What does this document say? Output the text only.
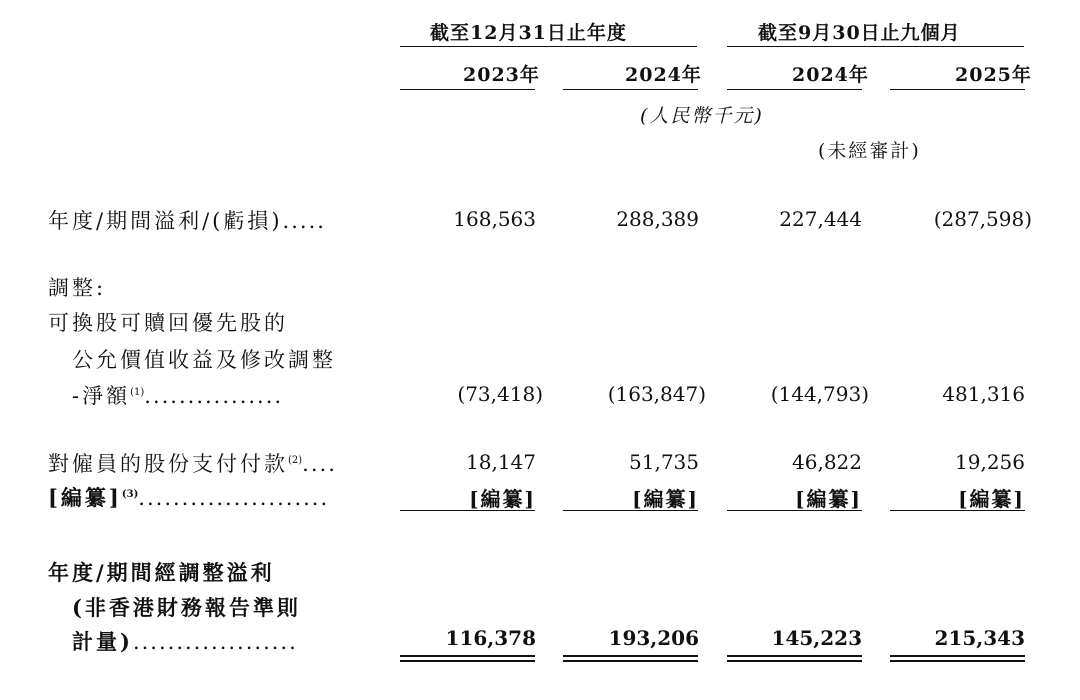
截至12月31日止年度	截至9月30日止九個月
2023年	2024年	2024年	2025年
(人民幣千元)
(未經審計)
年度/期間溢利/(虧損).....	168,563	288,389	227,444	(287,598)
調整:
可換股可贖回優先股的
公允價值收益及修改調整
-淨額$^{(1)}$................	(73,418)	(163,847)	(144,793)	481,316
對僱員的股份支付付款$^{(2)}$....	18,147	51,735	46,822	19,256
[編纂]$^{(3)}$......................	[編纂]	[編纂]	[編纂]	[編纂]
年度/期間經調整溢利
(非香港財務報告準則
計量)...................	116,378	193,206	145,223	215,343
